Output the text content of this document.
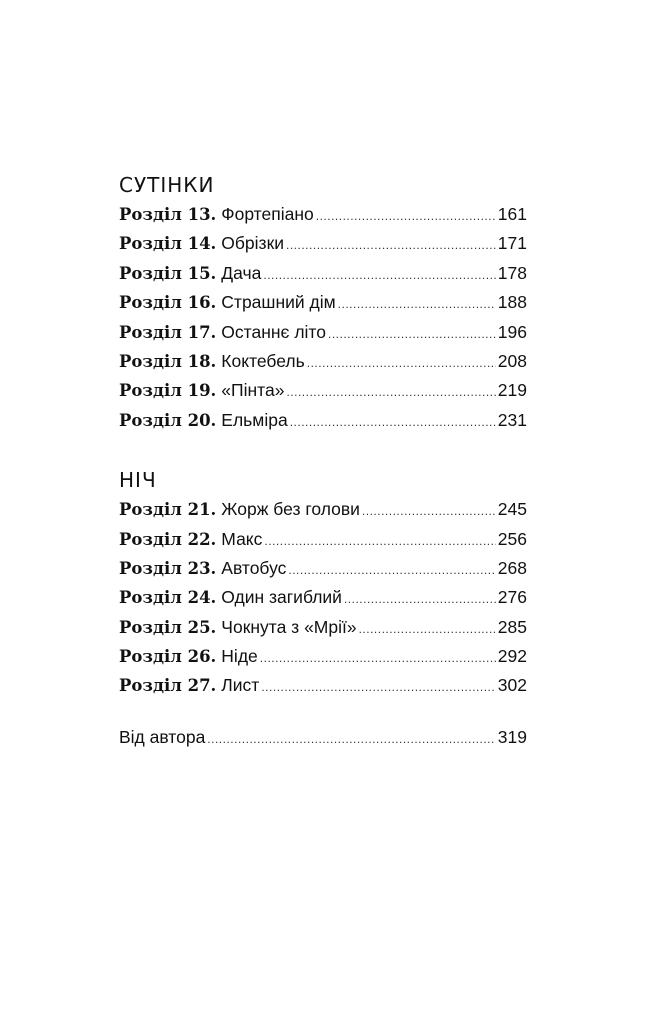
СУТІНКИ
Розділ 13. Фортепіано .....	161
Розділ 14. Обрізки .....	171
Розділ 15. Дача .....	178
Розділ 16. Страшний дім .....	188
Розділ 17. Останнє літо .....	196
Розділ 18. Коктебель .....	208
Розділ 19. «Пінта» .....	219
Розділ 20. Ельміра .....	231
НІЧ
Розділ 21. Жорж без голови .....	245
Розділ 22. Макс .....	256
Розділ 23. Автобус .....	268
Розділ 24. Один загиблий .....	276
Розділ 25. Чокнута з «Мрії» .....	285
Розділ 26. Ніде .....	292
Розділ 27. Лист .....	302
Від автора .....	319
